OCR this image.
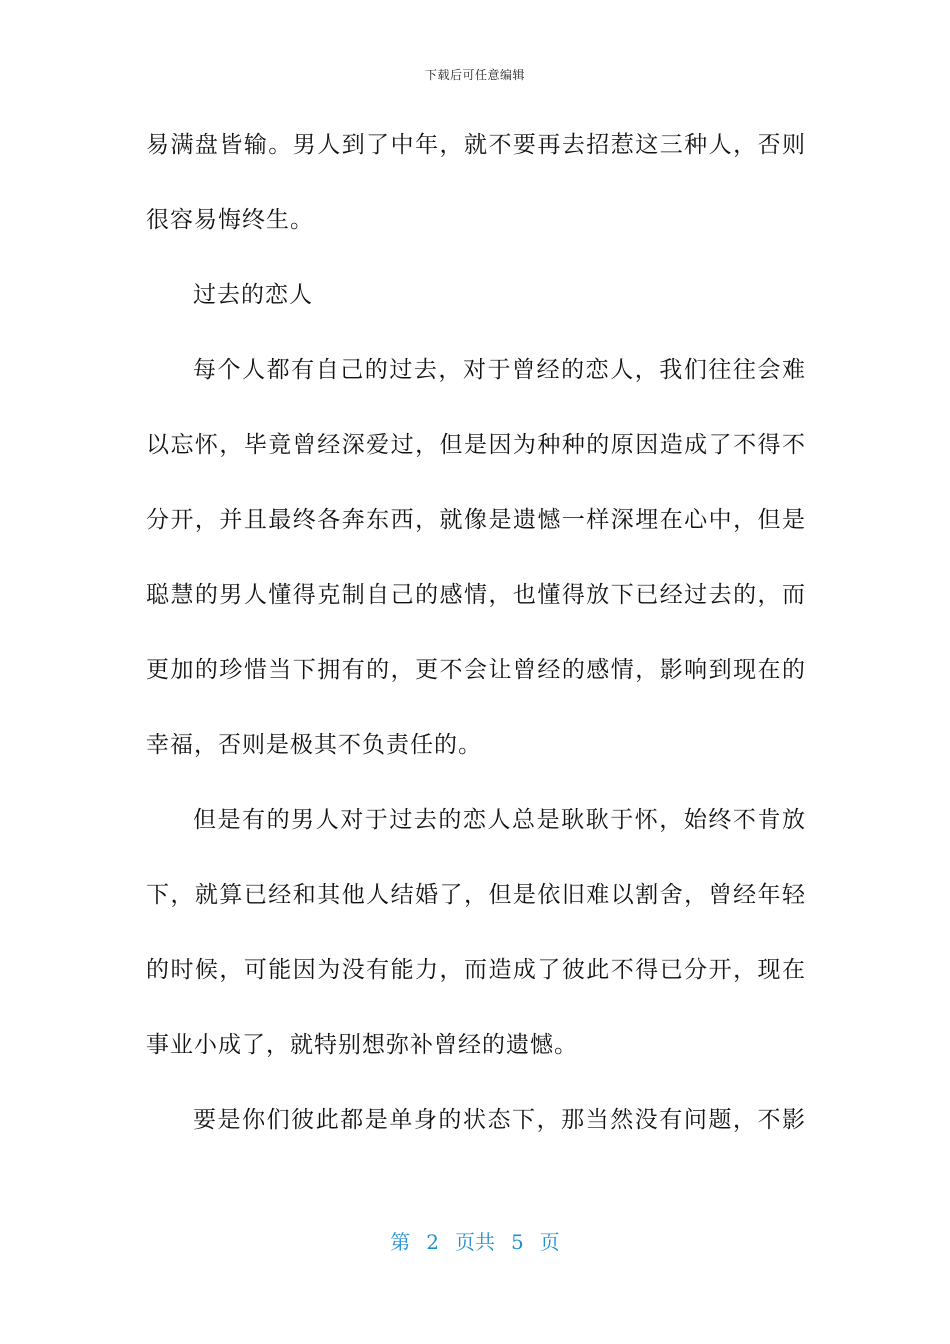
下载后可任意编辑
易满盘皆输。男人到了中年，就不要再去招惹这三种人，否则
很容易悔终生。
过去的恋人
每个人都有自己的过去，对于曾经的恋人，我们往往会难
以忘怀，毕竟曾经深爱过，但是因为种种的原因造成了不得不
分开，并且最终各奔东西，就像是遗憾一样深埋在心中，但是
聪慧的男人懂得克制自己的感情，也懂得放下已经过去的，而
更加的珍惜当下拥有的，更不会让曾经的感情，影响到现在的
幸福，否则是极其不负责任的。
但是有的男人对于过去的恋人总是耿耿于怀，始终不肯放
下，就算已经和其他人结婚了，但是依旧难以割舍，曾经年轻
的时候，可能因为没有能力，而造成了彼此不得已分开，现在
事业小成了，就特别想弥补曾经的遗憾。
要是你们彼此都是单身的状态下，那当然没有问题，不影
第 2 页共 5 页
